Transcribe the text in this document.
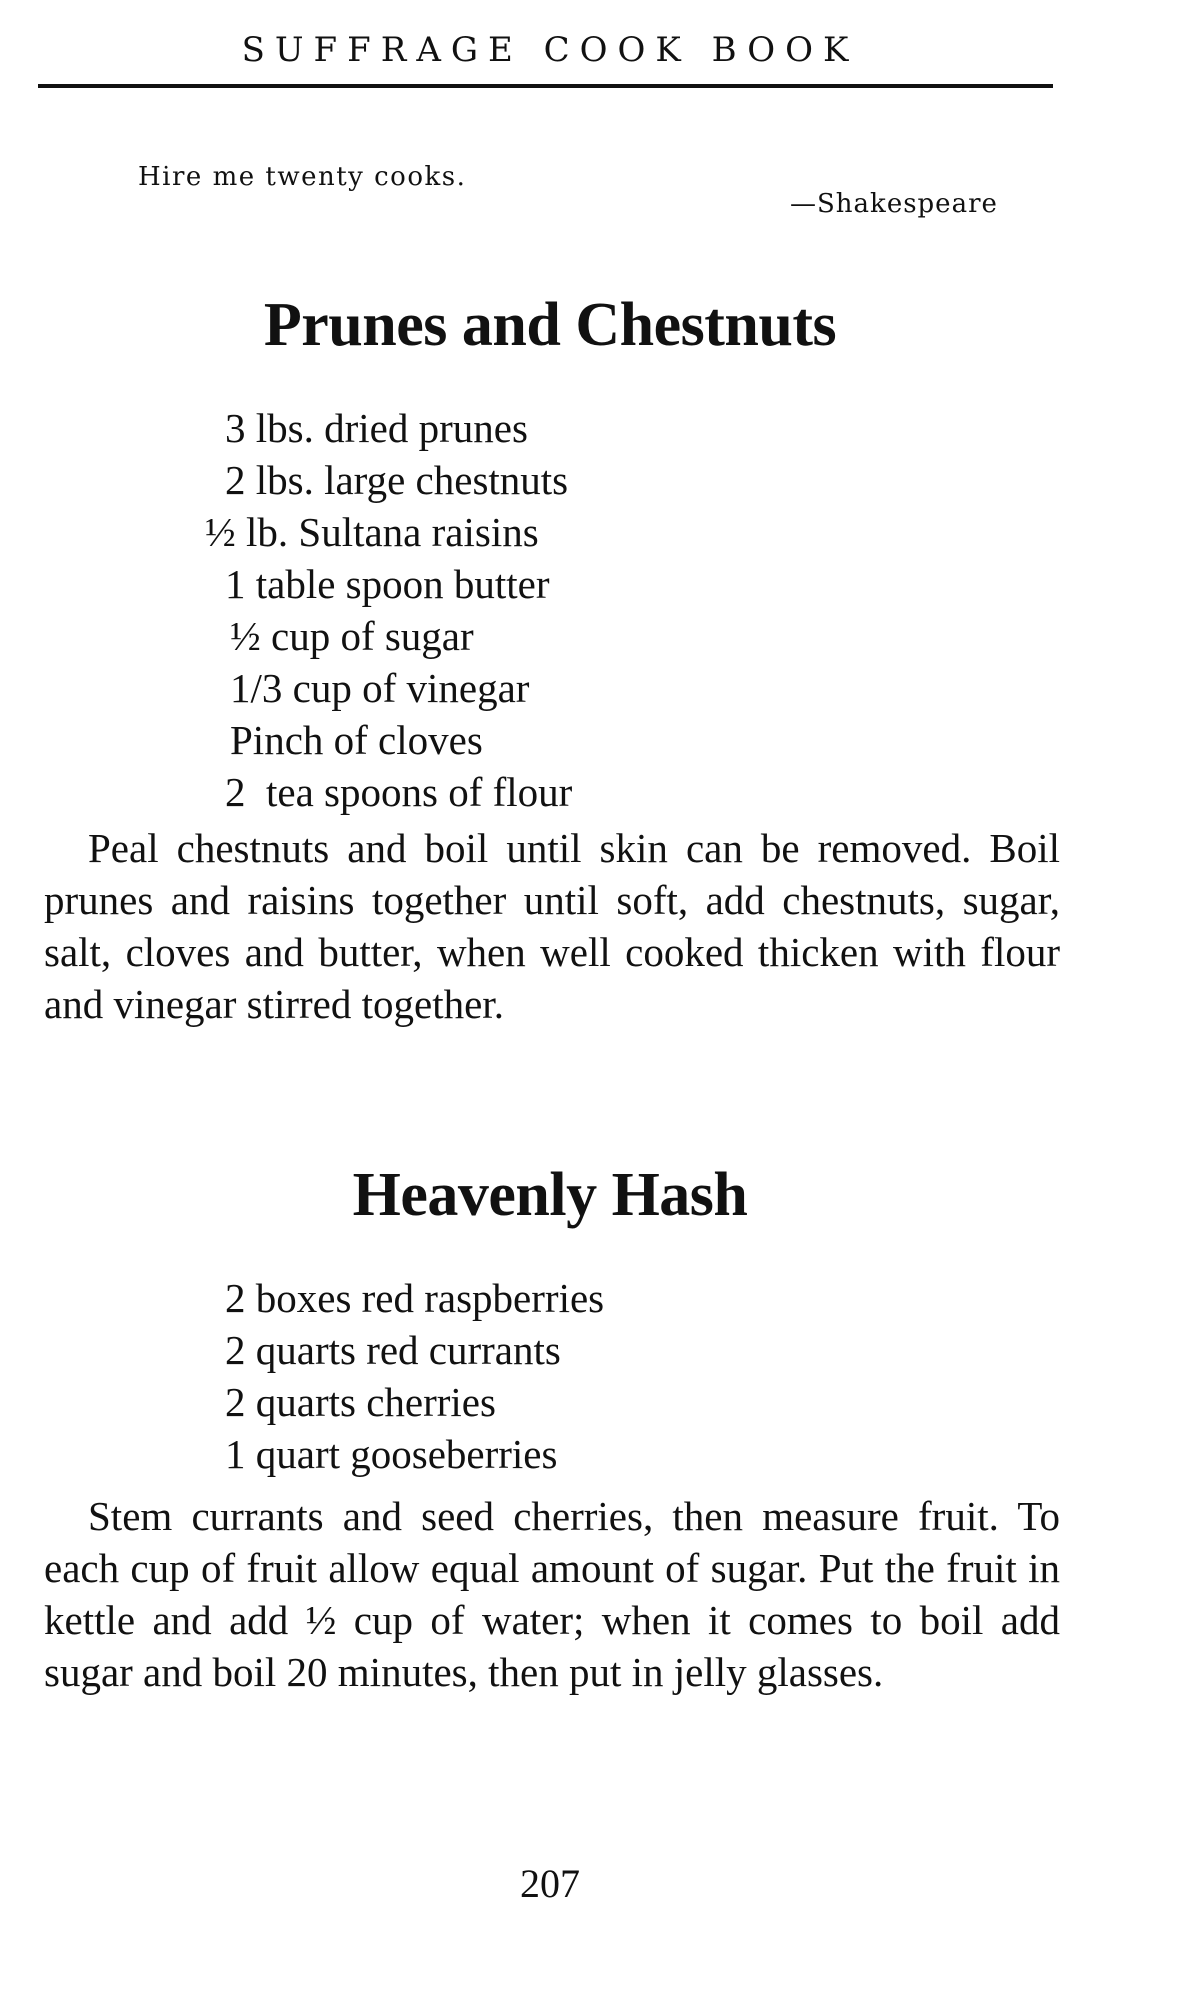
SUFFRAGE COOK BOOK
Hire me twenty cooks.
—Shakespeare
Prunes and Chestnuts
3 lbs. dried prunes
2 lbs. large chestnuts
½ lb. Sultana raisins
1 table spoon butter
½ cup of sugar
1/3 cup of vinegar
Pinch of cloves
2  tea spoons of flour

Peal chestnuts and boil until skin can be removed. Boil prunes and raisins together until soft, add chestnuts, sugar, salt, cloves and butter, when well cooked thicken with flour and vinegar stirred together.

Heavenly Hash
2 boxes red raspberries
2 quarts red currants
2 quarts cherries
1 quart gooseberries

Stem currants and seed cherries, then measure fruit. To each cup of fruit allow equal amount of sugar. Put the fruit in kettle and add ½ cup of water; when it comes to boil add sugar and boil 20 minutes, then put in jelly glasses.

207
